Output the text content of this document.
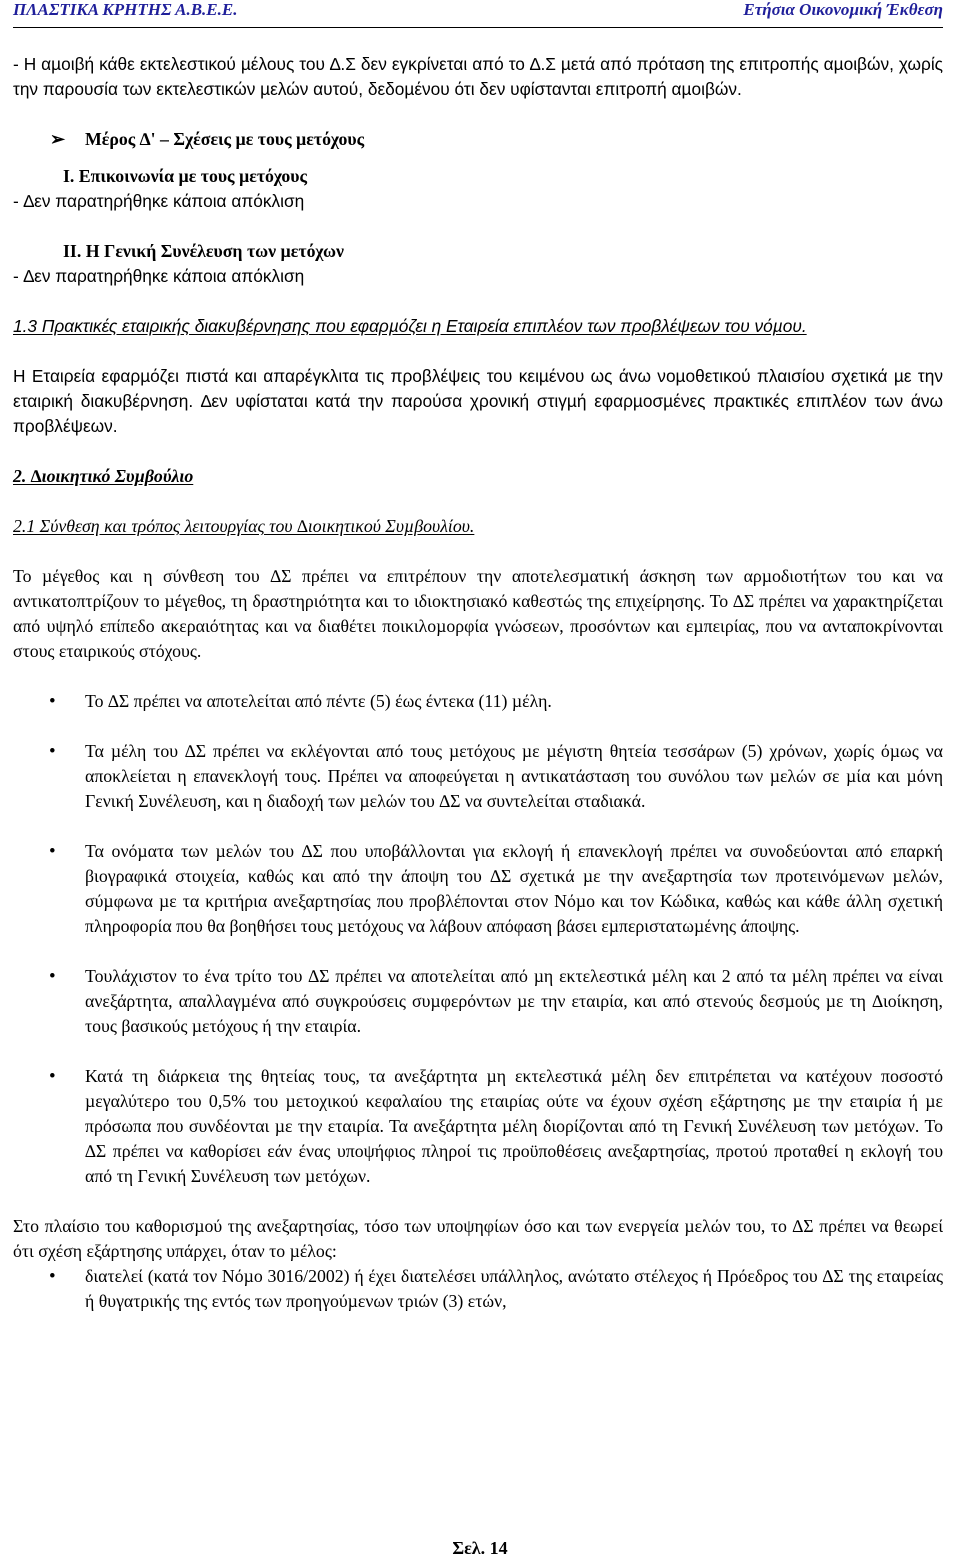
ΠΛΑΣΤΙΚΑ ΚΡΗΤΗΣ Α.Β.Ε.Ε.	Ετήσια Οικονοµική Έκθεση

- Η αµοιβή κάθε εκτελεστικού µέλους του ∆.Σ δεν εγκρίνεται από το ∆.Σ µετά από πρόταση της επιτροπής αµοιβών, χωρίς την παρουσία των εκτελεστικών µελών αυτού, δεδοµένου ότι δεν υφίστανται επιτροπή αµοιβών.

➢	Μέρος ∆' – Σχέσεις µε τους µετόχους

Ι. Επικοινωνία µε τους µετόχους

- ∆εν παρατηρήθηκε κάποια απόκλιση

ΙΙ. Η Γενική Συνέλευση των µετόχων

- ∆εν παρατηρήθηκε κάποια απόκλιση

1.3 Πρακτικές εταιρικής διακυβέρνησης που εφαρµόζει η Εταιρεία επιπλέον των προβλέψεων του νόµου.

Η Εταιρεία εφαρµόζει πιστά και απαρέγκλιτα τις προβλέψεις του κειµένου ως άνω νοµοθετικού πλαισίου σχετικά µε την εταιρική διακυβέρνηση. ∆εν υφίσταται κατά την παρούσα χρονική στιγµή εφαρµοσµένες πρακτικές επιπλέον των άνω προβλέψεων.

2. ∆ιοικητικό Συµβούλιο

2.1 Σύνθεση και τρόπος λειτουργίας του ∆ιοικητικού Συµβουλίου.

Το µέγεθος και η σύνθεση του ∆Σ πρέπει να επιτρέπουν την αποτελεσµατική άσκηση των αρµοδιοτήτων του και να αντικατοπτρίζουν το µέγεθος, τη δραστηριότητα και το ιδιοκτησιακό καθεστώς της επιχείρησης. Το ∆Σ πρέπει να χαρακτηρίζεται από υψηλό επίπεδο ακεραιότητας και να διαθέτει ποικιλοµορφία γνώσεων, προσόντων και εµπειρίας, που να ανταποκρίνονται στους εταιρικούς στόχους.

• Το ∆Σ πρέπει να αποτελείται από πέντε (5) έως έντεκα (11) µέλη.
• Τα µέλη του ∆Σ πρέπει να εκλέγονται από τους µετόχους µε µέγιστη θητεία τεσσάρων (5) χρόνων, χωρίς όµως να αποκλείεται η επανεκλογή τους. Πρέπει να αποφεύγεται η αντικατάσταση του συνόλου των µελών σε µία και µόνη Γενική Συνέλευση, και η διαδοχή των µελών του ∆Σ να συντελείται σταδιακά.
• Τα ονόµατα των µελών του ∆Σ που υποβάλλονται για εκλογή ή επανεκλογή πρέπει να συνοδεύονται από επαρκή βιογραφικά στοιχεία, καθώς και από την άποψη του ∆Σ σχετικά µε την ανεξαρτησία των προτεινόµενων µελών, σύµφωνα µε τα κριτήρια ανεξαρτησίας που προβλέπονται στον Νόµο και τον Κώδικα, καθώς και κάθε άλλη σχετική πληροφορία που θα βοηθήσει τους µετόχους να λάβουν απόφαση βάσει εµπεριστατωµένης άποψης.
• Τουλάχιστον το ένα τρίτο του ∆Σ πρέπει να αποτελείται από µη εκτελεστικά µέλη και 2 από τα µέλη πρέπει να είναι ανεξάρτητα, απαλλαγµένα από συγκρούσεις συµφερόντων µε την εταιρία, και από στενούς δεσµούς µε τη ∆ιοίκηση, τους βασικούς µετόχους ή την εταιρία.
• Κατά τη διάρκεια της θητείας τους, τα ανεξάρτητα µη εκτελεστικά µέλη δεν επιτρέπεται να κατέχουν ποσοστό µεγαλύτερο του 0,5% του µετοχικού κεφαλαίου της εταιρίας ούτε να έχουν σχέση εξάρτησης µε την εταιρία ή µε πρόσωπα που συνδέονται µε την εταιρία. Τα ανεξάρτητα µέλη διορίζονται από τη Γενική Συνέλευση των µετόχων. Το ∆Σ πρέπει να καθορίσει εάν ένας υποψήφιος πληροί τις προϋποθέσεις ανεξαρτησίας, προτού προταθεί η εκλογή του από τη Γενική Συνέλευση των µετόχων.

Στο πλαίσιο του καθορισµού της ανεξαρτησίας, τόσο των υποψηφίων όσο και των ενεργεία µελών του, το ∆Σ πρέπει να θεωρεί ότι σχέση εξάρτησης υπάρχει, όταν το µέλος:

• διατελεί (κατά τον Νόµο 3016/2002) ή έχει διατελέσει υπάλληλος, ανώτατο στέλεχος ή Πρόεδρος του ∆Σ της εταιρείας ή θυγατρικής της εντός των προηγούµενων τριών (3) ετών,
Σελ. 14
